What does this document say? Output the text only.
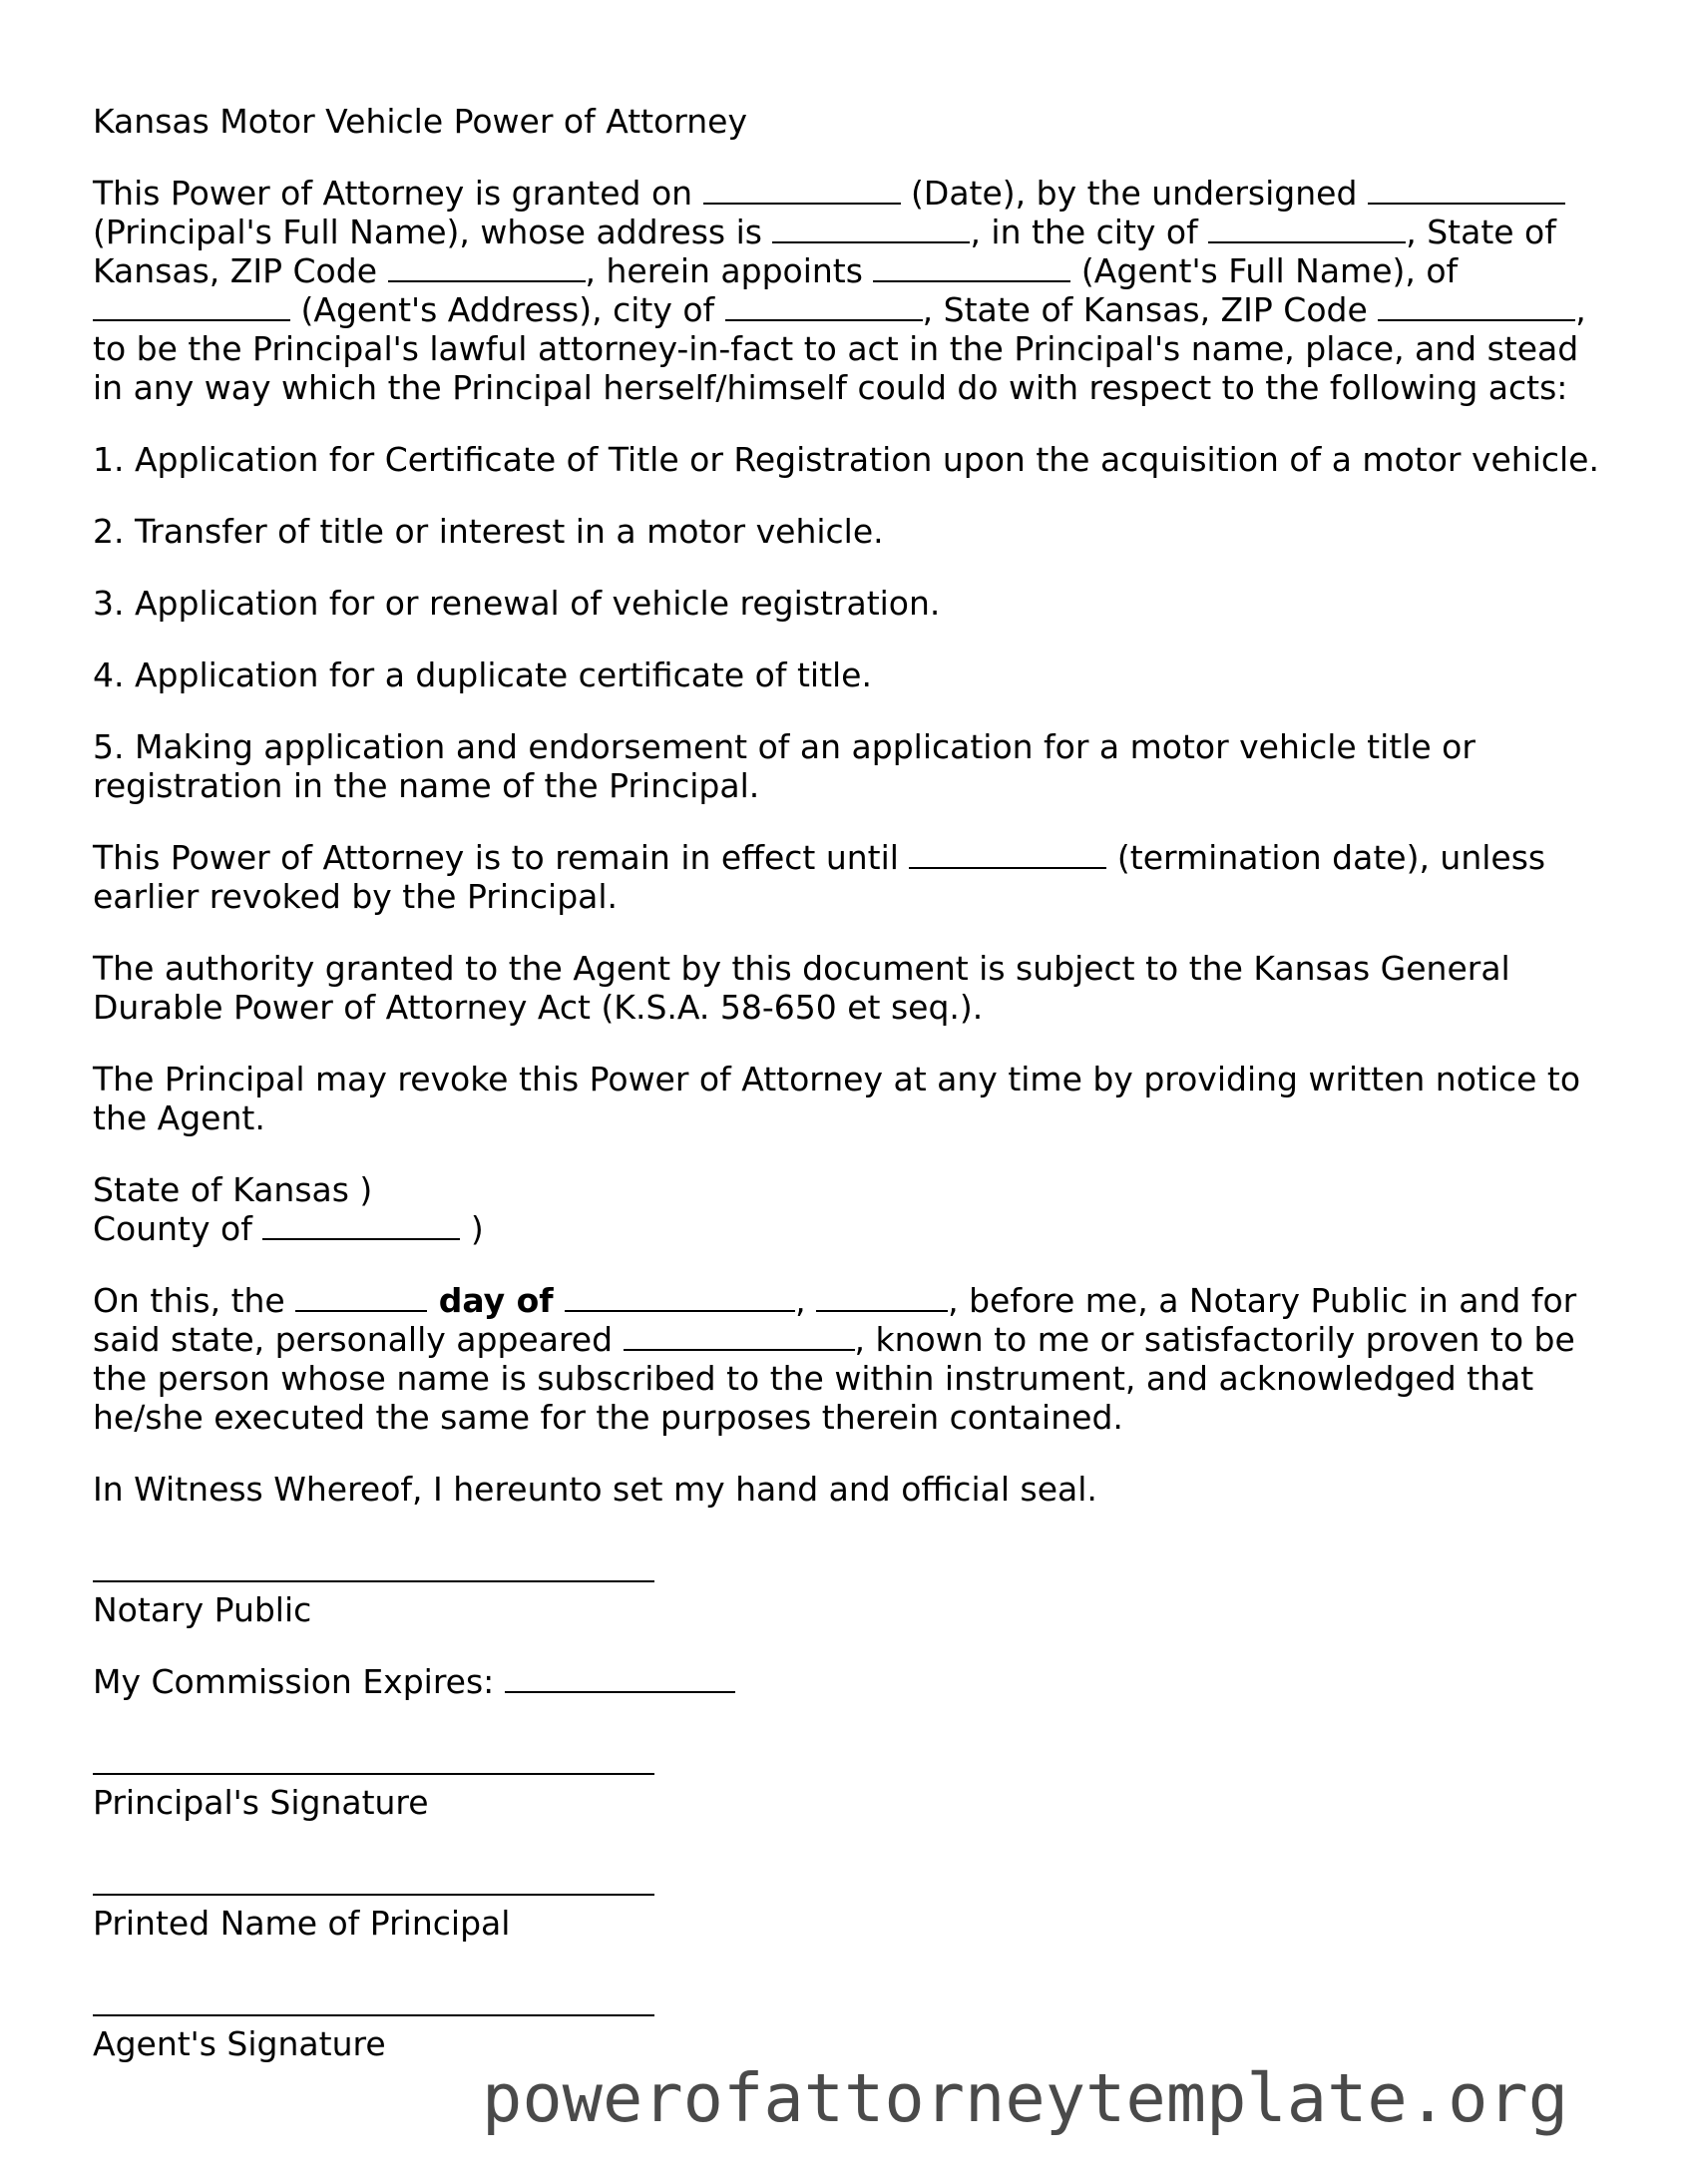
Kansas Motor Vehicle Power of Attorney

This Power of Attorney is granted on	(Date), by the undersigned  (Principal's Full Name), whose address is	, in the city of	, State of Kansas, ZIP Code	, herein appoints	(Agent's Full Name), of  (Agent's Address), city of	, State of Kansas, ZIP Code	, to be the Principal's lawful attorney-in-fact to act in the Principal's name, place, and stead in any way which the Principal herself/himself could do with respect to the following acts:

1. Application for Certificate of Title or Registration upon the acquisition of a motor vehicle.

2. Transfer of title or interest in a motor vehicle.

3. Application for or renewal of vehicle registration.

4. Application for a duplicate certificate of title.

5. Making application and endorsement of an application for a motor vehicle title or registration in the name of the Principal.

This Power of Attorney is to remain in effect until	(termination date), unless earlier revoked by the Principal.

The authority granted to the Agent by this document is subject to the Kansas General Durable Power of Attorney Act (K.S.A. 58-650 et seq.).

The Principal may revoke this Power of Attorney at any time by providing written notice to the Agent.

State of Kansas )
County of	)

On this, the	day of	,	, before me, a Notary Public in and for said state, personally appeared	, known to me or satisfactorily proven to be the person whose name is subscribed to the within instrument, and acknowledged that he/she executed the same for the purposes therein contained.

In Witness Whereof, I hereunto set my hand and official seal.

Notary Public

My Commission Expires:

Principal's Signature

Printed Name of Principal

Agent's Signature

powerofattorneytemplate.org
